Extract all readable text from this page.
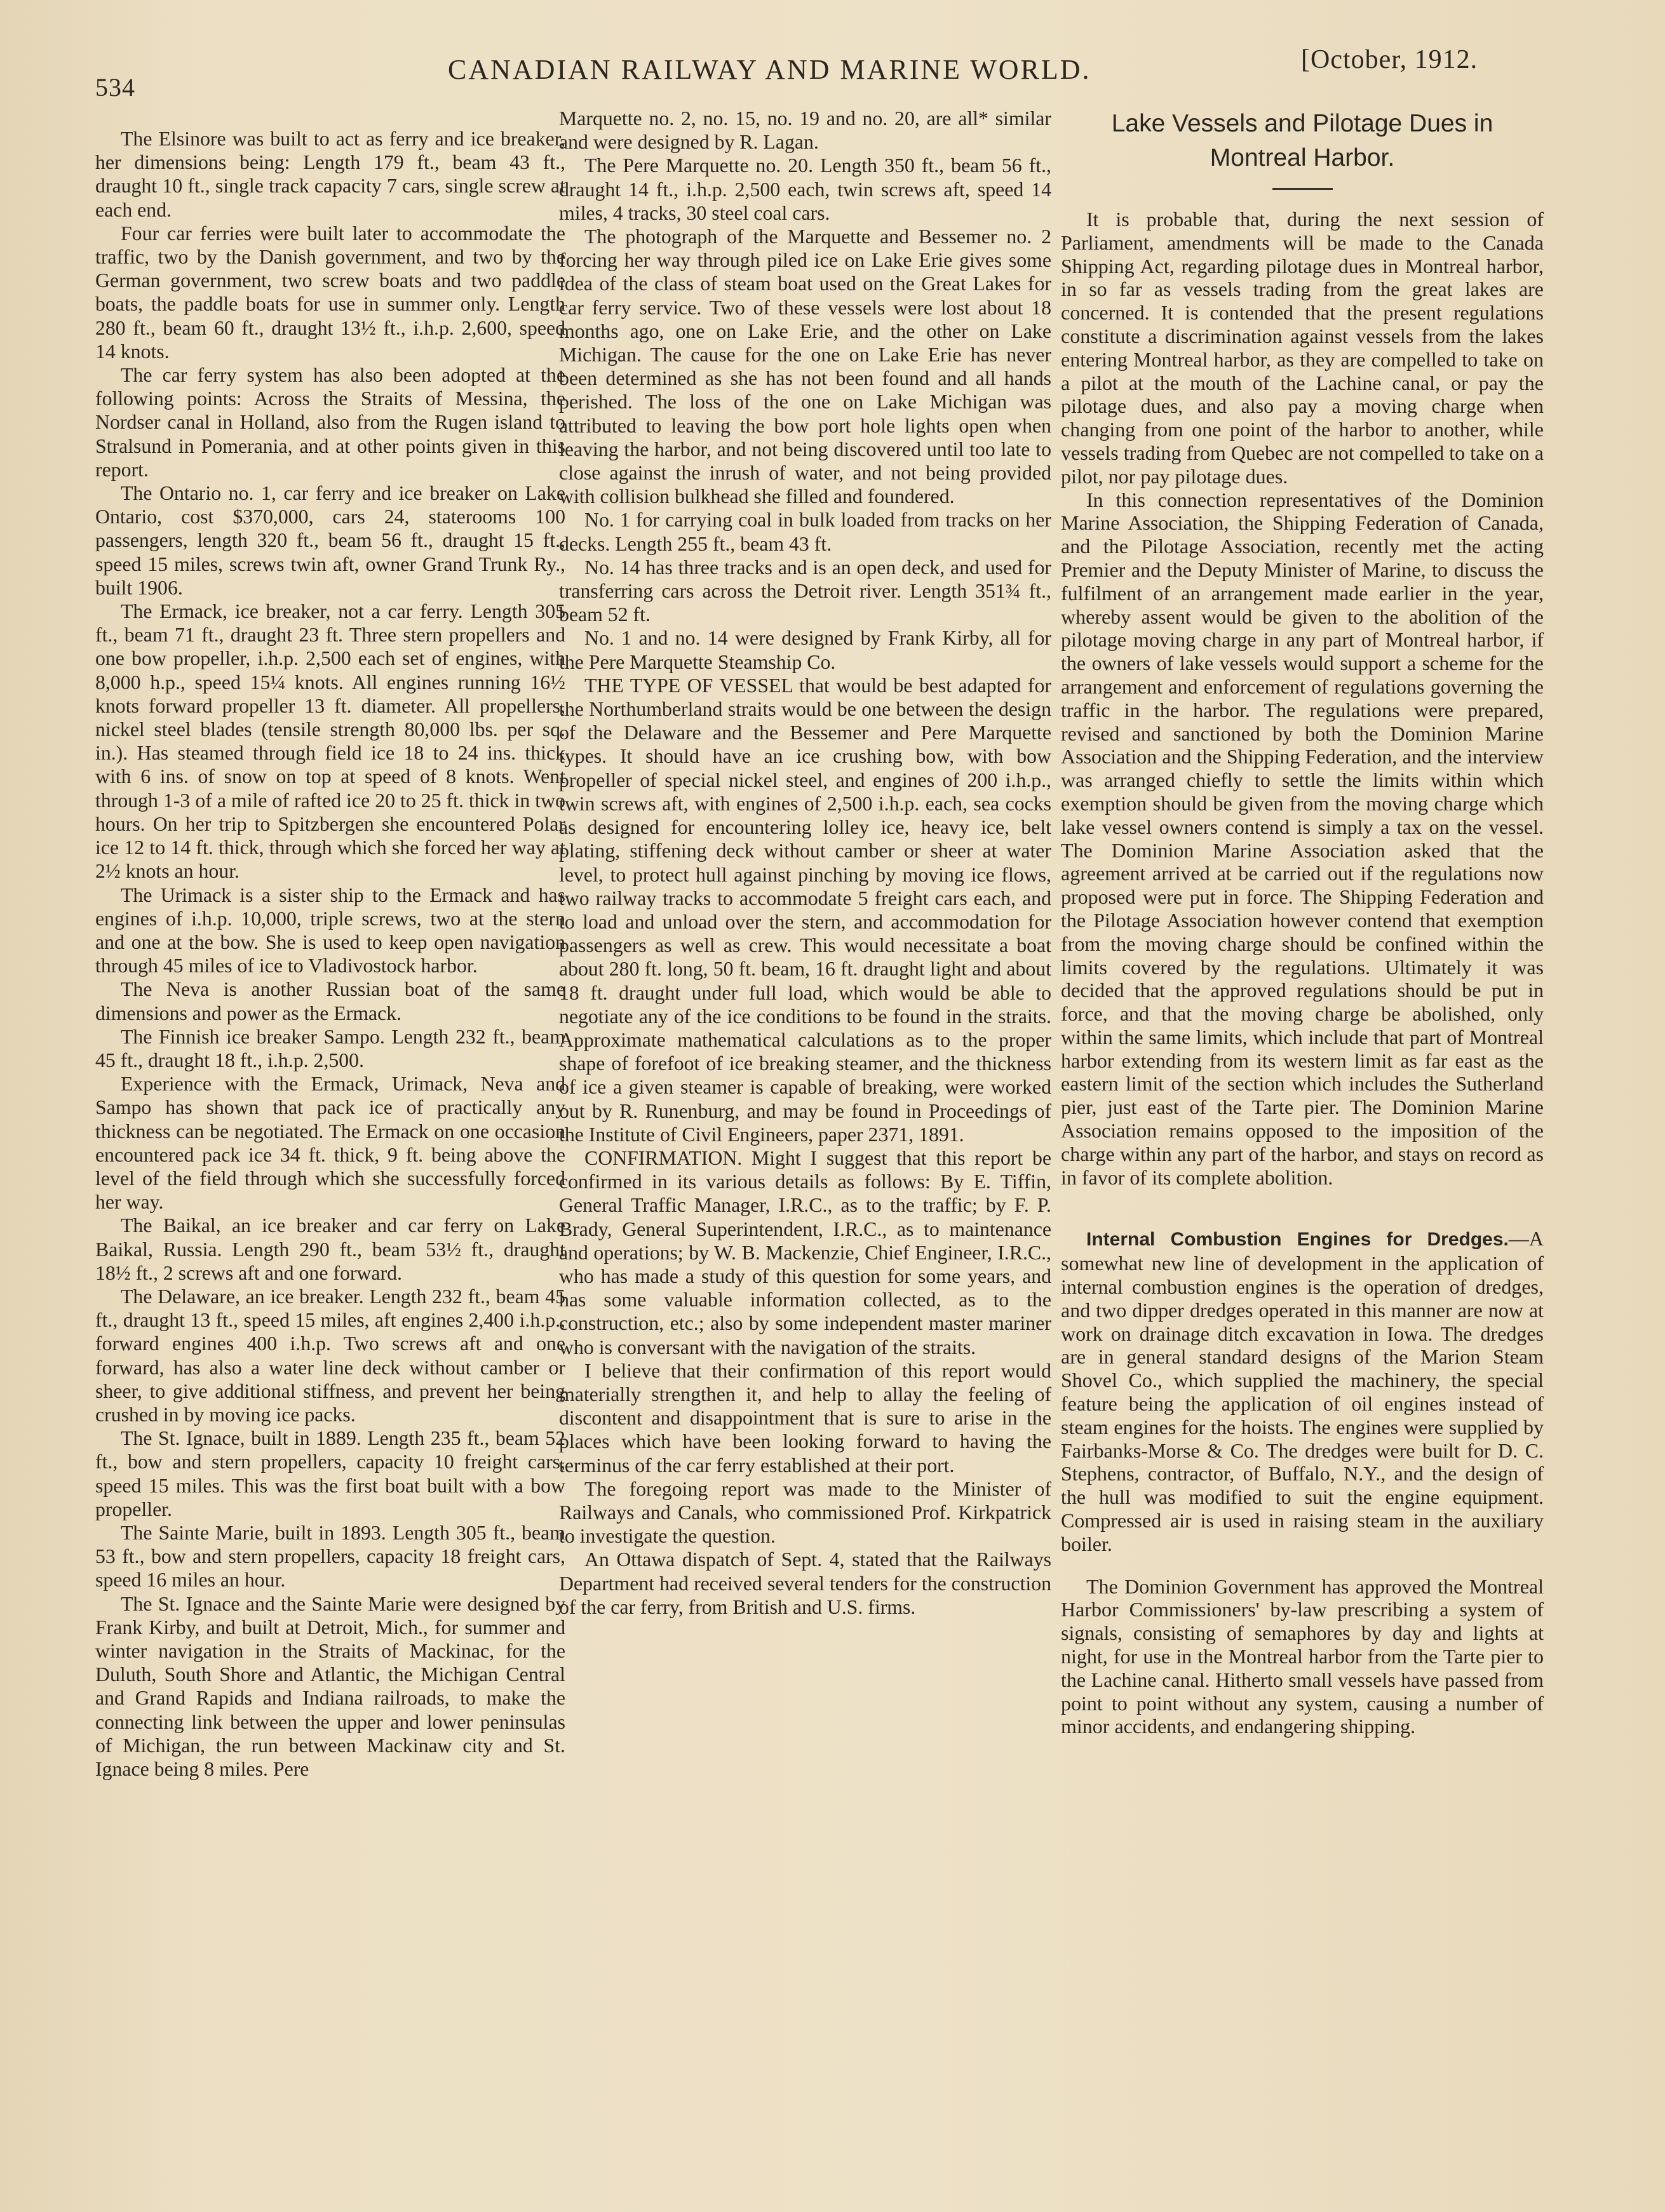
534
CANADIAN RAILWAY AND MARINE WORLD.	[October, 1912.

The Elsinore was built to act as ferry and ice breaker, her dimensions being: Length 179 ft., beam 43 ft., draught 10 ft., single track capacity 7 cars, single screw at each end.

Four car ferries were built later to accommodate the traffic, two by the Danish government, and two by the German government, two screw boats and two paddle boats, the paddle boats for use in summer only. Length 280 ft., beam 60 ft., draught 13½ ft., i.h.p. 2,600, speed 14 knots.

The car ferry system has also been adopted at the following points: Across the Straits of Messina, the Nordser canal in Holland, also from the Rugen island to Stralsund in Pomerania, and at other points given in this report.

The Ontario no. 1, car ferry and ice breaker on Lake Ontario, cost $370,000, cars 24, staterooms 100 passengers, length 320 ft., beam 56 ft., draught 15 ft., speed 15 miles, screws twin aft, owner Grand Trunk Ry., built 1906.

The Ermack, ice breaker, not a car ferry. Length 305 ft., beam 71 ft., draught 23 ft. Three stern propellers and one bow propeller, i.h.p. 2,500 each set of engines, with 8,000 h.p., speed 15¼ knots. All engines running 16½ knots forward propeller 13 ft. diameter. All propellers, nickel steel blades (tensile strength 80,000 lbs. per sq. in.). Has steamed through field ice 18 to 24 ins. thick with 6 ins. of snow on top at speed of 8 knots. Went through 1-3 of a mile of rafted ice 20 to 25 ft. thick in two hours. On her trip to Spitzbergen she encountered Polar ice 12 to 14 ft. thick, through which she forced her way at 2½ knots an hour.

The Urimack is a sister ship to the Ermack and has engines of i.h.p. 10,000, triple screws, two at the stern and one at the bow. She is used to keep open navigation through 45 miles of ice to Vladivostock harbor.

The Neva is another Russian boat of the same dimensions and power as the Ermack.

The Finnish ice breaker Sampo. Length 232 ft., beam 45 ft., draught 18 ft., i.h.p. 2,500.

Experience with the Ermack, Urimack, Neva and Sampo has shown that pack ice of practically any thickness can be negotiated. The Ermack on one occasion encountered pack ice 34 ft. thick, 9 ft. being above the level of the field through which she successfully forced her way.

The Baikal, an ice breaker and car ferry on Lake Baikal, Russia. Length 290 ft., beam 53½ ft., draught 18½ ft., 2 screws aft and one forward.

The Delaware, an ice breaker. Length 232 ft., beam 45 ft., draught 13 ft., speed 15 miles, aft engines 2,400 i.h.p., forward engines 400 i.h.p. Two screws aft and one forward, has also a water line deck without camber or sheer, to give additional stiffness, and prevent her being crushed in by moving ice packs.

The St. Ignace, built in 1889. Length 235 ft., beam 52 ft., bow and stern propellers, capacity 10 freight cars, speed 15 miles. This was the first boat built with a bow propeller.

The Sainte Marie, built in 1893. Length 305 ft., beam 53 ft., bow and stern propellers, capacity 18 freight cars, speed 16 miles an hour.

The St. Ignace and the Sainte Marie were designed by Frank Kirby, and built at Detroit, Mich., for summer and winter navigation in the Straits of Mackinac, for the Duluth, South Shore and Atlantic, the Michigan Central and Grand Rapids and Indiana railroads, to make the connecting link between the upper and lower peninsulas of Michigan, the run between Mackinaw city and St. Ignace being 8 miles. Pere

Marquette no. 2, no. 15, no. 19 and no. 20, are all* similar and were designed by R. Lagan.

The Pere Marquette no. 20. Length 350 ft., beam 56 ft., draught 14 ft., i.h.p. 2,500 each, twin screws aft, speed 14 miles, 4 tracks, 30 steel coal cars.

The photograph of the Marquette and Bessemer no. 2 forcing her way through piled ice on Lake Erie gives some idea of the class of steam boat used on the Great Lakes for car ferry service. Two of these vessels were lost about 18 months ago, one on Lake Erie, and the other on Lake Michigan. The cause for the one on Lake Erie has never been determined as she has not been found and all hands perished. The loss of the one on Lake Michigan was attributed to leaving the bow port hole lights open when leaving the harbor, and not being discovered until too late to close against the inrush of water, and not being provided with collision bulkhead she filled and foundered.

No. 1 for carrying coal in bulk loaded from tracks on her decks. Length 255 ft., beam 43 ft.

No. 14 has three tracks and is an open deck, and used for transferring cars across the Detroit river. Length 351¾ ft., beam 52 ft.

No. 1 and no. 14 were designed by Frank Kirby, all for the Pere Marquette Steamship Co.

THE TYPE OF VESSEL that would be best adapted for the Northumberland straits would be one between the design of the Delaware and the Bessemer and Pere Marquette types. It should have an ice crushing bow, with bow propeller of special nickel steel, and engines of 200 i.h.p., twin screws aft, with engines of 2,500 i.h.p. each, sea cocks as designed for encountering lolley ice, heavy ice, belt plating, stiffening deck without camber or sheer at water level, to protect hull against pinching by moving ice flows, two railway tracks to accommodate 5 freight cars each, and to load and unload over the stern, and accommodation for passengers as well as crew. This would necessitate a boat about 280 ft. long, 50 ft. beam, 16 ft. draught light and about 18 ft. draught under full load, which would be able to negotiate any of the ice conditions to be found in the straits. Approximate mathematical calculations as to the proper shape of forefoot of ice breaking steamer, and the thickness of ice a given steamer is capable of breaking, were worked out by R. Runenburg, and may be found in Proceedings of the Institute of Civil Engineers, paper 2371, 1891.

CONFIRMATION. Might I suggest that this report be confirmed in its various details as follows: By E. Tiffin, General Traffic Manager, I.R.C., as to the traffic; by F. P. Brady, General Superintendent, I.R.C., as to maintenance and operations; by W. B. Mackenzie, Chief Engineer, I.R.C., who has made a study of this question for some years, and has some valuable information collected, as to the construction, etc.; also by some independent master mariner who is conversant with the navigation of the straits.

I believe that their confirmation of this report would materially strengthen it, and help to allay the feeling of discontent and disappointment that is sure to arise in the places which have been looking forward to having the terminus of the car ferry established at their port.

The foregoing report was made to the Minister of Railways and Canals, who commissioned Prof. Kirkpatrick to investigate the question.

An Ottawa dispatch of Sept. 4, stated that the Railways Department had received several tenders for the construction of the car ferry, from British and U.S. firms.

Lake Vessels and Pilotage Dues in Montreal Harbor.

It is probable that, during the next session of Parliament, amendments will be made to the Canada Shipping Act, regarding pilotage dues in Montreal harbor, in so far as vessels trading from the great lakes are concerned. It is contended that the present regulations constitute a discrimination against vessels from the lakes entering Montreal harbor, as they are compelled to take on a pilot at the mouth of the Lachine canal, or pay the pilotage dues, and also pay a moving charge when changing from one point of the harbor to another, while vessels trading from Quebec are not compelled to take on a pilot, nor pay pilotage dues.

In this connection representatives of the Dominion Marine Association, the Shipping Federation of Canada, and the Pilotage Association, recently met the acting Premier and the Deputy Minister of Marine, to discuss the fulfilment of an arrangement made earlier in the year, whereby assent would be given to the abolition of the pilotage moving charge in any part of Montreal harbor, if the owners of lake vessels would support a scheme for the arrangement and enforcement of regulations governing the traffic in the harbor. The regulations were prepared, revised and sanctioned by both the Dominion Marine Association and the Shipping Federation, and the interview was arranged chiefly to settle the limits within which exemption should be given from the moving charge which lake vessel owners contend is simply a tax on the vessel. The Dominion Marine Association asked that the agreement arrived at be carried out if the regulations now proposed were put in force. The Shipping Federation and the Pilotage Association however contend that exemption from the moving charge should be confined within the limits covered by the regulations. Ultimately it was decided that the approved regulations should be put in force, and that the moving charge be abolished, only within the same limits, which include that part of Montreal harbor extending from its western limit as far east as the eastern limit of the section which includes the Sutherland pier, just east of the Tarte pier. The Dominion Marine Association remains opposed to the imposition of the charge within any part of the harbor, and stays on record as in favor of its complete abolition.

Internal Combustion Engines for Dredges.—A somewhat new line of development in the application of internal combustion engines is the operation of dredges, and two dipper dredges operated in this manner are now at work on drainage ditch excavation in Iowa. The dredges are in general standard designs of the Marion Steam Shovel Co., which supplied the machinery, the special feature being the application of oil engines instead of steam engines for the hoists. The engines were supplied by Fairbanks-Morse & Co. The dredges were built for D. C. Stephens, contractor, of Buffalo, N.Y., and the design of the hull was modified to suit the engine equipment. Compressed air is used in raising steam in the auxiliary boiler.

The Dominion Government has approved the Montreal Harbor Commissioners' by-law prescribing a system of signals, consisting of semaphores by day and lights at night, for use in the Montreal harbor from the Tarte pier to the Lachine canal. Hitherto small vessels have passed from point to point without any system, causing a number of minor accidents, and endangering shipping.
